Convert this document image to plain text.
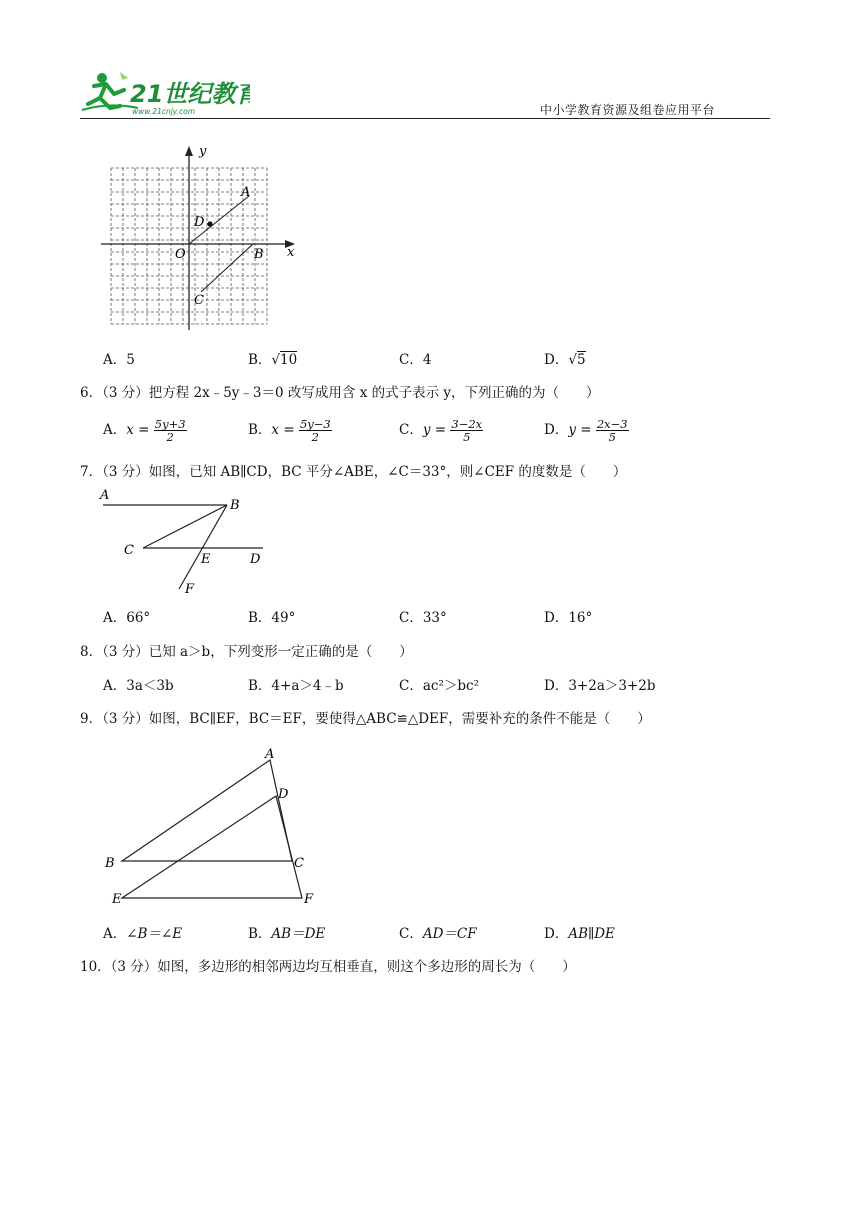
21世纪教育
www.21cnjy.com	中小学教育资源及组卷应用平台
y
x
O
A
B
C
D
A．5	B．√10	C．4	D．√5
6．（3 分）把方程 2x﹣5y﹣3＝0 改写成用含 x 的式子表示 y，下列正确的为（　　）
A．$x = \frac{5y+3}{2}$	B．$x = \frac{5y-3}{2}$	C．$y = \frac{3-2x}{5}$	D．$y = \frac{2x-3}{5}$
7．（3 分）如图，已知 AB∥CD，BC 平分∠ABE，∠C＝33°，则∠CEF 的度数是（　　）
A
B
C
D
E
F
A．66°	B．49°	C．33°	D．16°
8．（3 分）已知 a＞b，下列变形一定正确的是（　　）
A．3a＜3b	B．4+a＞4﹣b	C．ac²＞bc²	D．3+2a＞3+2b
9．（3 分）如图，BC∥EF，BC＝EF，要使得△ABC≌△DEF，需要补充的条件不能是（　　）
A
B	C
D
E	F
A．∠B＝∠E	B．AB＝DE	C．AD＝CF	D．AB∥DE
10．（3 分）如图，多边形的相邻两边均互相垂直，则这个多边形的周长为（　　）
